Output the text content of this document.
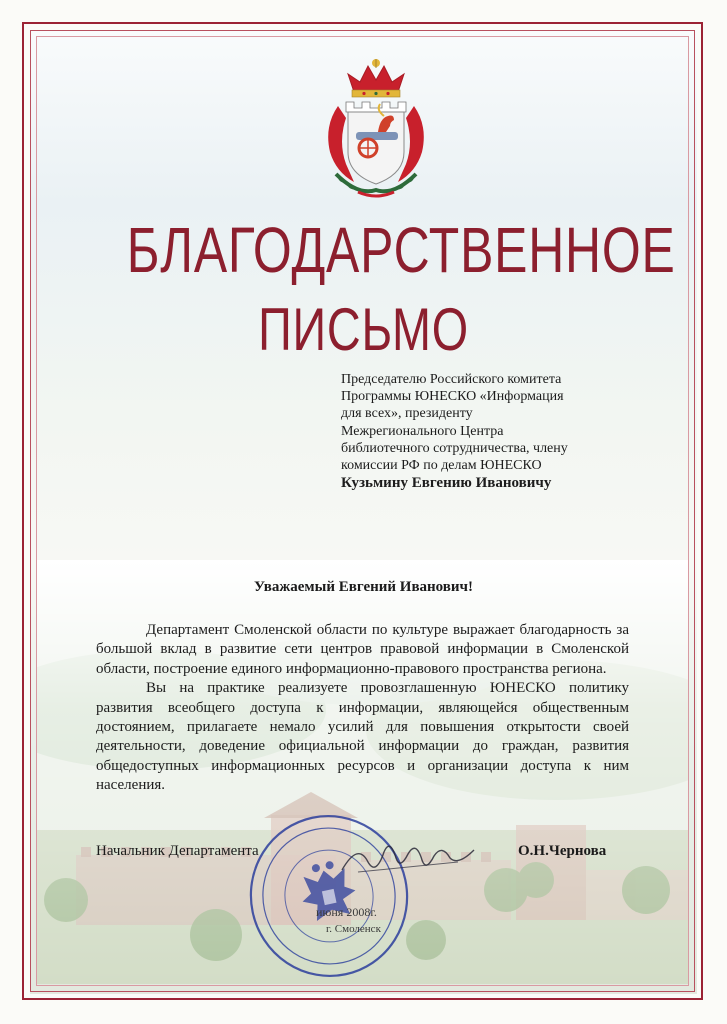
БЛАГОДАРСТВЕННОЕ
ПИСЬМО
Председателю Российского комитета
Программы ЮНЕСКО «Информация
для всех», президенту
Межрегионального Центра
библиотечного сотрудничества, члену
комиссии РФ по делам ЮНЕСКО
Кузьмину Евгению Ивановичу
Уважаемый Евгений Иванович!

Департамент Смоленской области по культуре выражает благодарность за большой вклад в развитие сети центров правовой информации в Смоленской области, построение единого информационно-правового пространства региона.

Вы на практике реализуете провозглашенную ЮНЕСКО политику развития всеобщего доступа к информации, являющейся общественным достоянием, прилагаете немало усилий для повышения открытости своей деятельности, доведение официальной информации до граждан, развития общедоступных информационных ресурсов и организации доступа к ним населения.

Начальник Департамента	О.Н.Чернова
июня 2008г.
г. Смоленск
